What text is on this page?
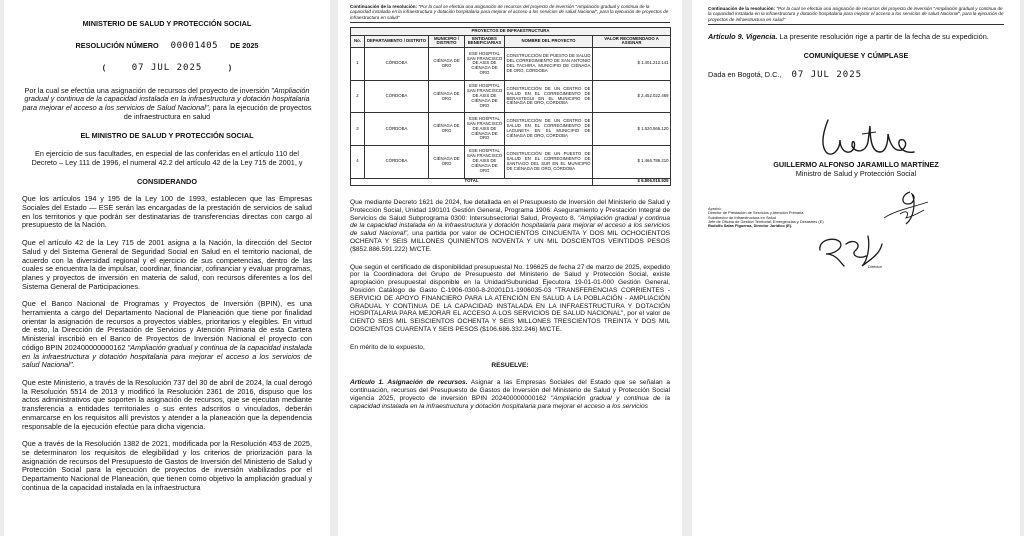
MINISTERIO DE SALUD Y PROTECCIÓN SOCIAL

RESOLUCIÓN NÚMERO 00001405 DE 2025
(	07 JUL 2025	)

Por la cual se efectúa una asignación de recursos del proyecto de inversión "Ampliación gradual y continua de la capacidad instalada en la infraestructura y dotación hospitalaria para mejorar el acceso a los servicios de Salud Nacional", para la ejecución de proyectos de infraestructura en salud

EL MINISTRO DE SALUD Y PROTECCIÓN SOCIAL

En ejercicio de sus facultades, en especial de las conferidas en el artículo 110 del Decreto – Ley 111 de 1996, el numeral 42.2 del artículo 42 de la Ley 715 de 2001, y

CONSIDERANDO

Que los artículos 194 y 195 de la Ley 100 de 1993, establecen que las Empresas Sociales del Estado — ESE serán las encargadas de la prestación de servicios de salud en los territorios y que podrán ser destinatarias de transferencias directas con cargo al presupuesto de la Nación.

Que el artículo 42 de la Ley 715 de 2001 asigna a la Nación, la dirección del Sector Salud y del Sistema General de Seguridad Social en Salud en el territorio nacional, de acuerdo con la diversidad regional y el ejercicio de sus competencias, dentro de las cuales se encuentra la de impulsar, coordinar, financiar, cofinanciar y evaluar programas, planes y proyectos de inversión en materia de salud, con recursos diferentes a los del Sistema General de Participaciones.

Que el Banco Nacional de Programas y Proyectos de Inversión (BPIN), es una herramienta a cargo del Departamento Nacional de Planeación que tiene por finalidad orientar la asignación de recursos a proyectos viables, prioritarios y elegibles. En virtud de esto, la Dirección de Prestación de Servicios y Atención Primaria de esta Cartera Ministerial inscribió en el Banco de Proyectos de Inversión Nacional el proyecto con código BPIN 202400000000162 "Ampliación gradual y continua de la capacidad instalada en la infraestructura y dotación hospitalaria para mejorar el acceso a los servicios de salud Nacional".

Que este Ministerio, a través de la Resolución 737 del 30 de abril de 2024, la cual derogó la Resolución 5514 de 2013 y modificó la Resolución 2361 de 2016, dispuso que los actos administrativos que soporten la asignación de recursos, que se ejecutan mediante transferencia a entidades territoriales o sus entes adscritos o vinculados, deberán enmarcarse en los requisitos allí previstos y atender a la planeación que la dependencia responsable de la ejecución efectúe para dicha vigencia.

Que a través de la Resolución 1382 de 2021, modificada por la Resolución 453 de 2025, se determinaron los requisitos de elegibilidad y los criterios de priorización para la asignación de recursos del Presupuesto de Gastos de Inversión del Ministerio de Salud y Protección Social para la ejecución de proyectos de inversión viabilizados por el Departamento Nacional de Planeación, que tienen como objetivo la ampliación gradual y continua de la capacidad instalada en la infraestructura

Continuación de la resolución: "Por la cual se efectúa una asignación de recursos del proyecto de inversión "Ampliación gradual y continua de la capacidad instalada en la infraestructura y dotación hospitalaria para mejorar el acceso a los servicios de salud Nacional", para la ejecución de proyectos de infraestructura en salud"
PROYECTOS DE INFRAESTRUCTURA					
No.	DEPARTAMENTO / DISTRITO	MUNICIPIO / DISTRITO	ENTIDADES BENEFICIARIAS	NOMBRE DEL PROYECTO	VALOR RECOMENDADO A ASIGNAR
1	CÓRDOBA	CIÉNAGA DE ORO	ESE HOSPITAL SAN FRANCISCO DE ASIS DE CIÉNAGA DE ORO	CONSTRUCCIÓN DE PUESTO DE SALUD DEL CORREGIMIENTO DE SAN ANTONIO DEL TACHIRA, MUNICIPIO DE CIÉNAGA DE ORO, CÓRDOBA	$ 1.401.212.141
2	CÓRDOBA	CIÉNAGA DE ORO	ESE HOSPITAL SAN FRANCISCO DE ASIS DE CIÉNAGA DE ORO	CONSTRUCCIÓN DE UN CENTRO DE SALUD EN EL CORREGIMIENTO DE BERASTEGUI EN EL MUNICIPIO DE CIÉNAGA DE ORO, CÓRDOBA	$ 2.452.022.469
3	CÓRDOBA	CIÉNAGA DE ORO	ESE HOSPITAL SAN FRANCISCO DE ASIS DE CIÉNAGA DE ORO	CONSTRUCCIÓN DE UN CENTRO DE SALUD EN EL CORREGIMIENTO DE LAGUNETA EN EL MUNICIPIO DE CIÉNAGA DE ORO, CÓRDOBA	$ 1.520.566.120
4	CÓRDOBA	CIÉNAGA DE ORO	ESE HOSPITAL SAN FRANCISCO DE ASIS DE CIÉNAGA DE ORO	CONSTRUCCIÓN DE UN PUESTO DE SALUD EN EL CORREGIMIENTO DE SANTIAGO DEL SUR EN EL MUNICIPIO DE CIÉNAGA DE ORO, CÓRDOBA	$ 1.466.786.210
TOTAL					$ 6.806.016.925

Que mediante Decreto 1621 de 2024, fue detallada en el Presupuesto de Inversión del Ministerio de Salud y Protección Social, Unidad 190101 Gestión General, Programa 1906: Aseguramiento y Prestación Integral de Servicios de Salud Subprograma 0300: Intersubsectorial Salud, Proyecto 8. "Ampliación gradual y continua de la capacidad instalada en la infraestructura y dotación hospitalaria para mejorar el acceso a los servicios de salud Nacional", una partida por valor de OCHOCIENTOS CINCUENTA Y DOS MIL OCHOCIENTOS OCHENTA Y SEIS MILLONES QUINIENTOS NOVENTA Y UN MIL DOSCIENTOS VEINTIDOS PESOS ($852.886.591.222) M/CTE.

Que según el certificado de disponibilidad presupuestal No. 196625 de fecha 27 de marzo de 2025, expedido por la Coordinadora del Grupo de Presupuesto del Ministerio de Salud y Protección Social, existe apropiación presupuestal disponible en la Unidad/Subunidad Ejecutora 19-01-01-000 Gestión General, Posición Catálogo de Gasto C-1906-0300-8-20201D1-1906035-03 "TRANSFERENCIAS CORRIENTES - SERVICIO DE APOYO FINANCIERO PARA LA ATENCIÓN EN SALUD A LA POBLACIÓN - AMPLIACIÓN GRADUAL Y CONTINUA DE LA CAPACIDAD INSTALADA EN LA INFRAESTRUCTURA Y DOTACIÓN HOSPITALARIA PARA MEJORAR EL ACCESO A LOS SERVICIOS DE SALUD NACIONAL", por el valor de CIENTO SEIS MIL SEISCIENTOS OCHENTA Y SEIS MILLONES TRESCIENTOS TREINTA Y DOS MIL DOSCIENTOS CUARENTA Y SEIS PESOS ($106.686.332.246) M/CTE.

En mérito de lo expuesto,

RESUELVE:

Artículo 1. Asignación de recursos. Asignar a las Empresas Sociales del Estado que se señalan a continuación, recursos del Presupuesto de Gastos de Inversión del Ministerio de Salud y Protección Social vigencia 2025, proyecto de inversión BPIN 202400000000162 "Ampliación gradual y continua de la capacidad instalada en la infraestructura y dotación hospitalaria para mejorar el acceso a los servicios

Continuación de la resolución: "Por la cual se efectúa una asignación de recursos del proyecto de inversión "Ampliación gradual y continua de la capacidad instalada en la infraestructura y dotación hospitalaria para mejorar el acceso a los servicios de salud Nacional", para la ejecución de proyectos de infraestructura en salud"

Artículo 9. Vigencia. La presente resolución rige a partir de la fecha de su expedición.

COMUNÍQUESE Y CÚMPLASE

Dada en Bogotá, D.C., 07 JUL 2025

GUILLERMO ALFONSO JARAMILLO MARTÍNEZ

Ministro de Salud y Protección Social

Aprobó:

Director de Prestación de Servicios y Atención Primaria

Subdirector de Infraestructura en Salud

Jefe de Oficina de Gestión Territorial, Emergencias y Desastres (E)

Rodolfo Salas Figueroa, Director Jurídico (E).

Director
